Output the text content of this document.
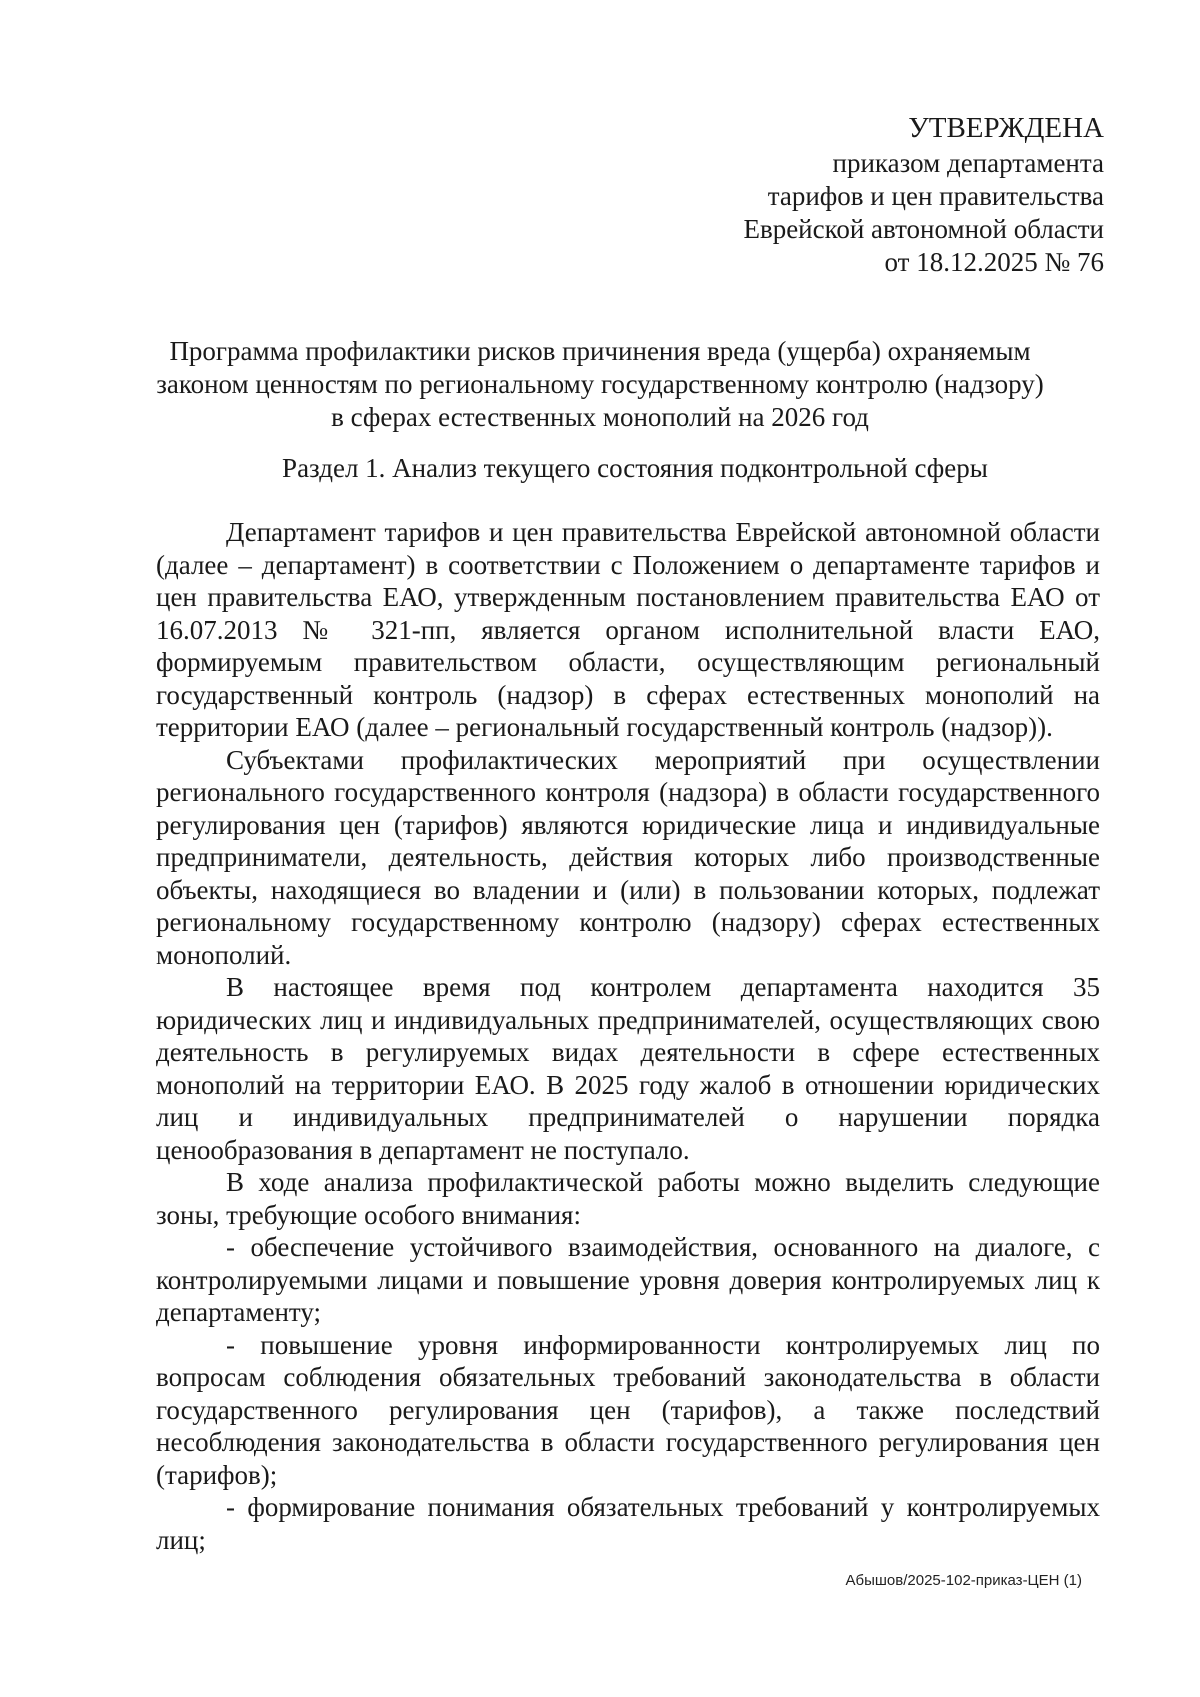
УТВЕРЖДЕНА
приказом департамента
тарифов и цен правительства
Еврейской автономной области
от 18.12.2025 № 76
Программа профилактики рисков причинения вреда (ущерба) охраняемым
законом ценностям по региональному государственному контролю (надзору)
в сферах естественных монополий на 2026 год
Раздел 1. Анализ текущего состояния подконтрольной сферы

Департамент тарифов и цен правительства Еврейской автономной области (далее – департамент) в соответствии с Положением о департаменте тарифов и цен правительства ЕАО, утвержденным постановлением правительства ЕАО от 16.07.2013 № 321-пп, является органом исполнительной власти ЕАО, формируемым правительством области, осуществляющим региональный государственный контроль (надзор) в сферах естественных монополий на территории ЕАО (далее – региональный государственный контроль (надзор)).

Субъектами профилактических мероприятий при осуществлении регионального государственного контроля (надзора) в области государственного регулирования цен (тарифов) являются юридические лица и индивидуальные предприниматели, деятельность, действия которых либо производственные объекты, находящиеся во владении и (или) в пользовании которых, подлежат региональному государственному контролю (надзору) сферах естественных монополий.

В настоящее время под контролем департамента находится 35 юридических лиц и индивидуальных предпринимателей, осуществляющих свою деятельность в регулируемых видах деятельности в сфере естественных монополий на территории ЕАО. В 2025 году жалоб в отношении юридических лиц и индивидуальных предпринимателей о нарушении порядка ценообразования в департамент не поступало.

В ходе анализа профилактической работы можно выделить следующие зоны, требующие особого внимания:

- обеспечение устойчивого взаимодействия, основанного на диалоге, с контролируемыми лицами и повышение уровня доверия контролируемых лиц к департаменту;

- повышение уровня информированности контролируемых лиц по вопросам соблюдения обязательных требований законодательства в области государственного регулирования цен (тарифов), а также последствий несоблюдения законодательства в области государственного регулирования цен (тарифов);

- формирование понимания обязательных требований у контролируемых лиц;

Абышов/2025-102-приказ-ЦЕН (1)
